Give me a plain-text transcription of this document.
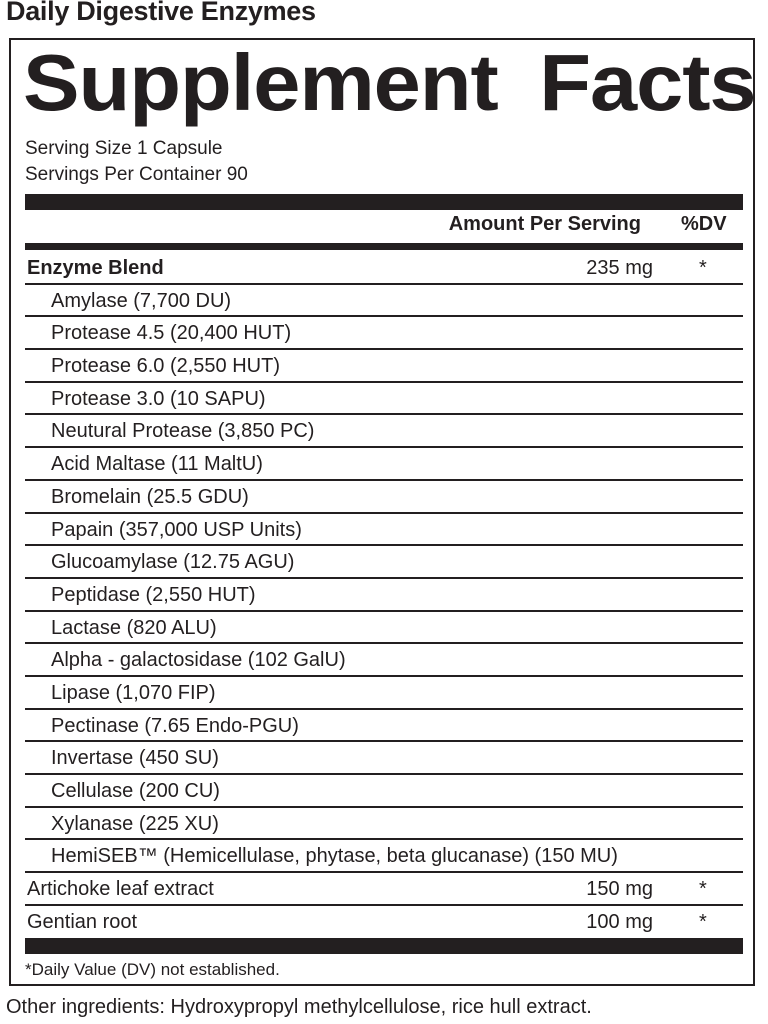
Daily Digestive Enzymes
Supplement Facts
Serving Size 1 Capsule
Servings Per Container 90
Amount Per Serving %DV
Enzyme Blend	235 mg *
Amylase (7,700 DU)
Protease 4.5 (20,400 HUT)
Protease 6.0 (2,550 HUT)
Protease 3.0 (10 SAPU)
Neutural Protease (3,850 PC)
Acid Maltase (11 MaltU)
Bromelain (25.5 GDU)
Papain (357,000 USP Units)
Glucoamylase (12.75 AGU)
Peptidase (2,550 HUT)
Lactase (820 ALU)
Alpha - galactosidase (102 GalU)
Lipase (1,070 FIP)
Pectinase (7.65 Endo-PGU)
Invertase (450 SU)
Cellulase (200 CU)
Xylanase (225 XU)
HemiSEB™ (Hemicellulase, phytase, beta glucanase) (150 MU)
Artichoke leaf extract	150 mg *
Gentian root	100 mg *
*Daily Value (DV) not established.
Other ingredients: Hydroxypropyl methylcellulose, rice hull extract.
